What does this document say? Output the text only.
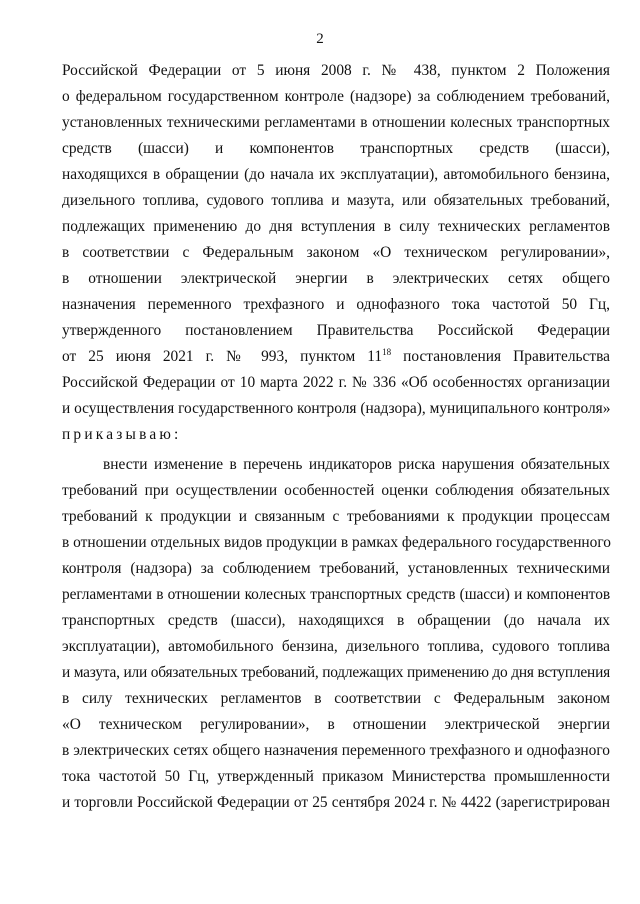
2
Российской Федерации от 5 июня 2008 г. № 438, пунктом 2 Положения
о федеральном государственном контроле (надзоре) за соблюдением требований,
установленных техническими регламентами в отношении колесных транспортных
средств (шасси) и компонентов транспортных средств (шасси),
находящихся в обращении (до начала их эксплуатации), автомобильного бензина,
дизельного топлива, судового топлива и мазута, или обязательных требований,
подлежащих применению до дня вступления в силу технических регламентов
в соответствии с Федеральным законом «О техническом регулировании»,
в отношении электрической энергии в электрических сетях общего
назначения переменного трехфазного и однофазного тока частотой 50 Гц,
утвержденного постановлением Правительства Российской Федерации
от 25 июня 2021 г. № 993, пунктом $11^{18}$ постановления Правительства
Российской Федерации от 10 марта 2022 г. № 336 «Об особенностях организации
и осуществления государственного контроля (надзора), муниципального контроля»
приказываю:
внести изменение в перечень индикаторов риска нарушения обязательных
требований при осуществлении особенностей оценки соблюдения обязательных
требований к продукции и связанным с требованиями к продукции процессам
в отношении отдельных видов продукции в рамках федерального государственного
контроля (надзора) за соблюдением требований, установленных техническими
регламентами в отношении колесных транспортных средств (шасси) и компонентов
транспортных средств (шасси), находящихся в обращении (до начала их
эксплуатации), автомобильного бензина, дизельного топлива, судового топлива
и мазута, или обязательных требований, подлежащих применению до дня вступления
в силу технических регламентов в соответствии с Федеральным законом
«О техническом регулировании», в отношении электрической энергии
в электрических сетях общего назначения переменного трехфазного и однофазного
тока частотой 50 Гц, утвержденный приказом Министерства промышленности
и торговли Российской Федерации от 25 сентября 2024 г. № 4422 (зарегистрирован
